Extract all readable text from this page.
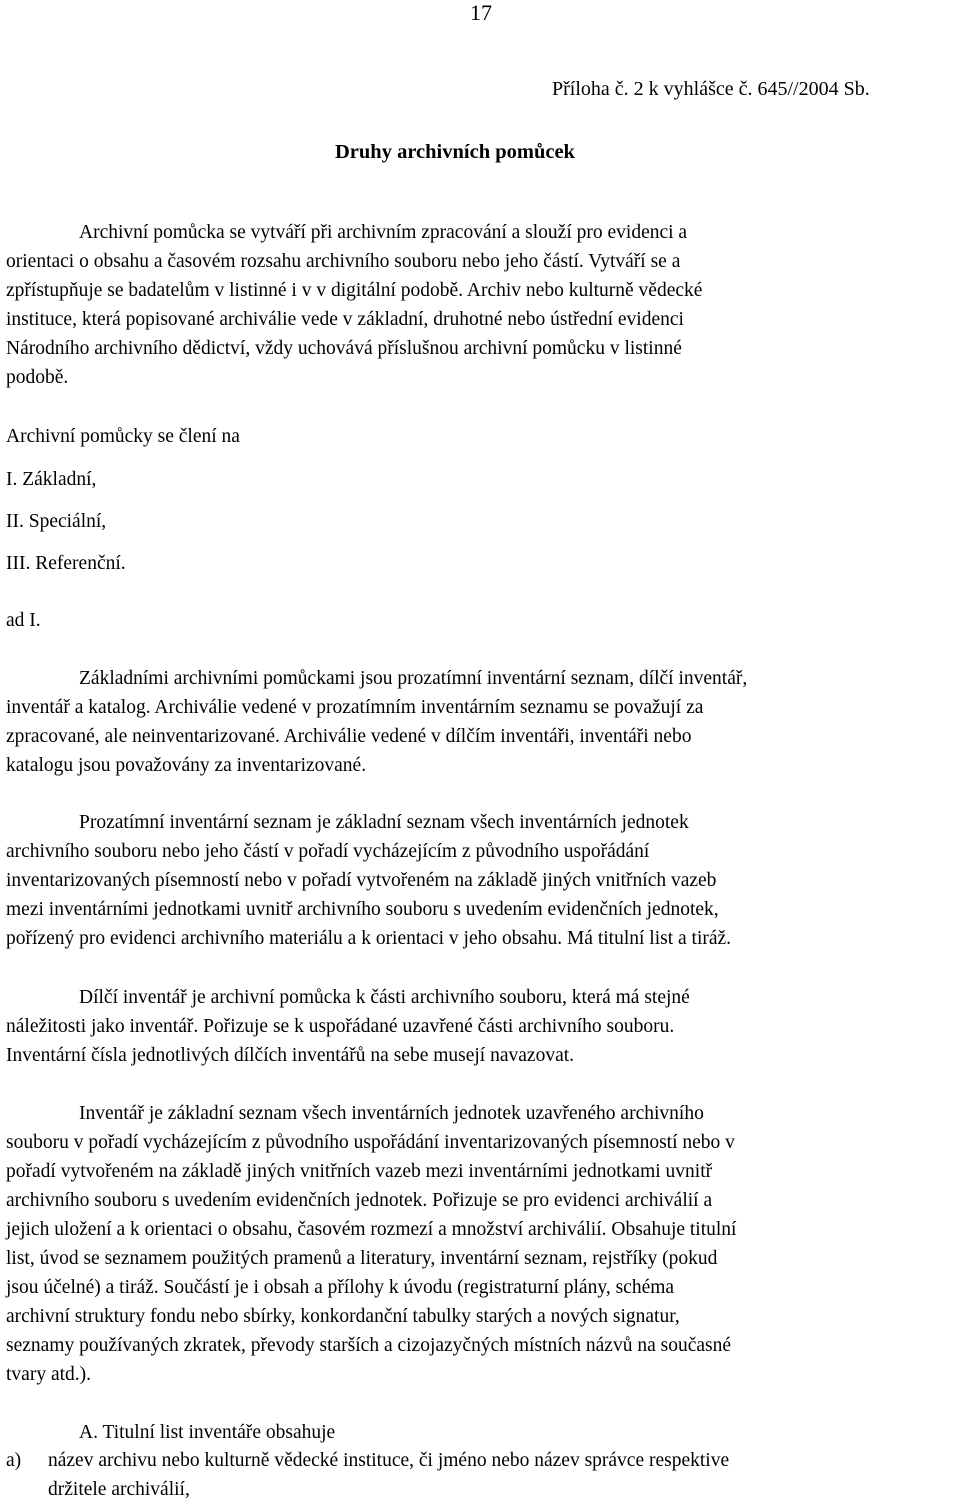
17
Příloha č. 2 k vyhlášce č. 645//2004 Sb.
Druhy archivních pomůcek
Archivní pomůcka se vytváří při archivním zpracování a slouží pro evidenci a
orientaci o obsahu a časovém rozsahu archivního souboru nebo jeho částí. Vytváří se a
zpřístupňuje se badatelům v listinné i v v digitální podobě. Archiv nebo kulturně vědecké
instituce, která popisované archiválie vede v základní, druhotné nebo ústřední evidenci
Národního archivního dědictví, vždy uchovává příslušnou archivní pomůcku v listinné
podobě.
Archivní pomůcky se člení na
I. Základní,
II. Speciální,
III. Referenční.
ad I.
Základními archivními pomůckami jsou prozatímní inventární seznam, dílčí inventář,
inventář a katalog. Archiválie vedené v prozatímním inventárním seznamu se považují za
zpracované, ale neinventarizované. Archiválie vedené v dílčím inventáři, inventáři nebo
katalogu jsou považovány za inventarizované.
Prozatímní inventární seznam je základní seznam všech inventárních jednotek
archivního souboru nebo jeho částí v pořadí vycházejícím z původního uspořádání
inventarizovaných písemností nebo v pořadí vytvořeném na základě jiných vnitřních vazeb
mezi inventárními jednotkami uvnitř archivního souboru s uvedením evidenčních jednotek,
pořízený pro evidenci archivního materiálu a k orientaci v jeho obsahu. Má titulní list a tiráž.
Dílčí inventář je archivní pomůcka k části archivního souboru, která má stejné
náležitosti jako inventář. Pořizuje se k uspořádané uzavřené části archivního souboru.
Inventární čísla jednotlivých dílčích inventářů na sebe musejí navazovat.
Inventář je základní seznam všech inventárních jednotek uzavřeného archivního
souboru v pořadí vycházejícím z původního uspořádání inventarizovaných písemností nebo v
pořadí vytvořeném na základě jiných vnitřních vazeb mezi inventárními jednotkami uvnitř
archivního souboru s uvedením evidenčních jednotek. Pořizuje se pro evidenci archiválií a
jejich uložení a k orientaci o obsahu, časovém rozmezí a množství archiválií. Obsahuje titulní
list, úvod se seznamem použitých pramenů a literatury, inventární seznam, rejstříky (pokud
jsou účelné) a tiráž. Součástí je i obsah a přílohy k úvodu (registraturní plány, schéma
archivní struktury fondu nebo sbírky, konkordanční tabulky starých a nových signatur,
seznamy používaných zkratek, převody starších a cizojazyčných místních názvů na současné
tvary atd.).
A. Titulní list inventáře obsahuje
a) název archivu nebo kulturně vědecké instituce, či jméno nebo název správce respektive
držitele archiválií,
